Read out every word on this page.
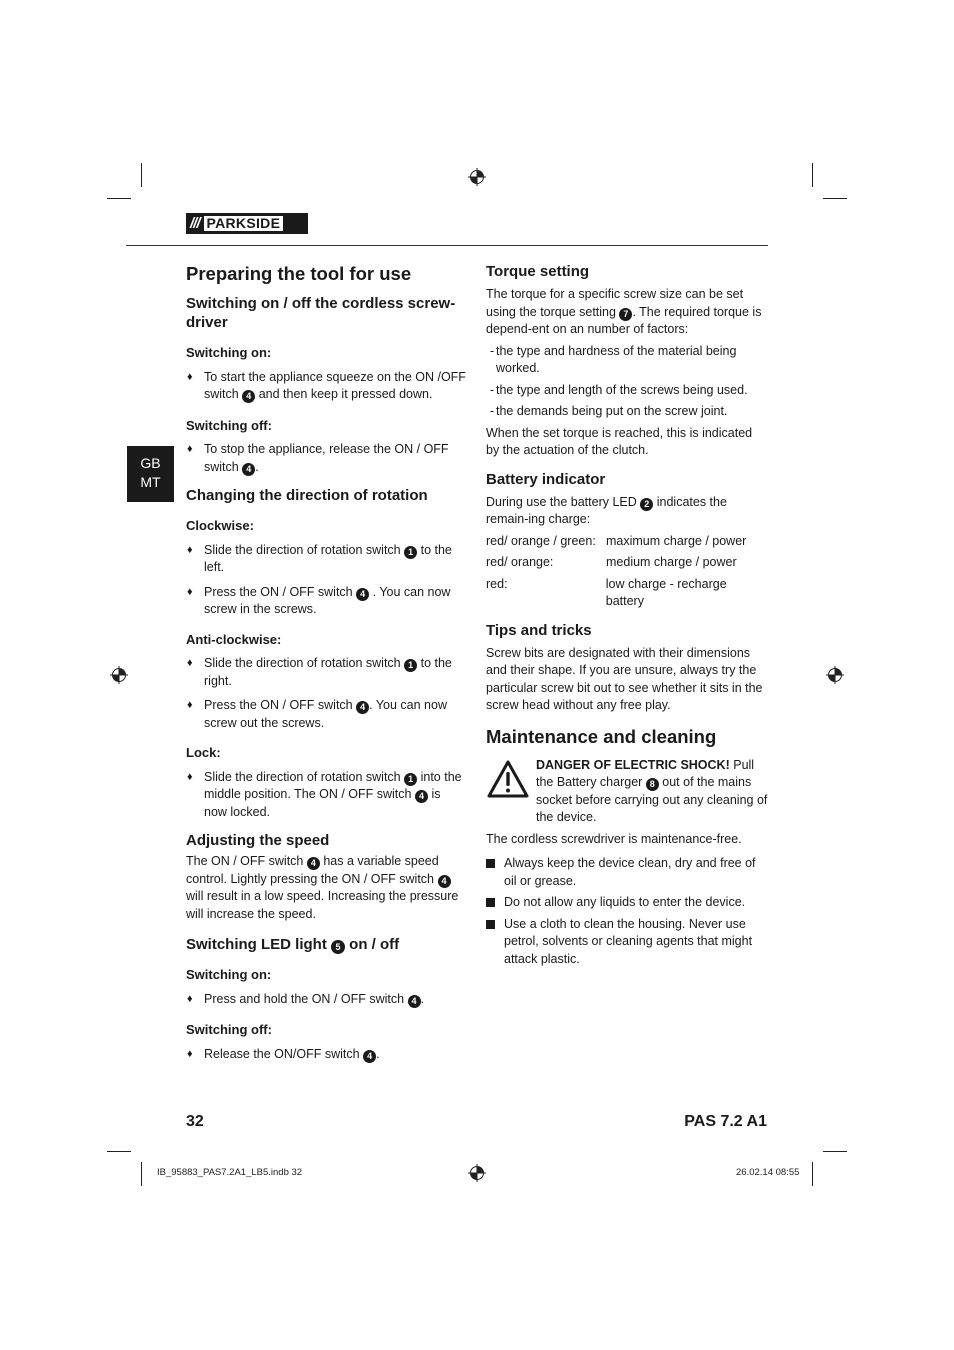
/// PARKSIDE
GB
MT
Preparing the tool for use
Switching on / off the cordless screw-driver

Switching on:

♦ To start the appliance squeeze on the ON /OFF switch 4 and then keep it pressed down.

Switching off:

♦ To stop the appliance, release the ON / OFF switch 4 .
Changing the direction of rotation

Clockwise:

♦ Slide the direction of rotation switch 1 to the left.
♦ Press the ON / OFF switch 4 . You can now screw in the screws.

Anti-clockwise:

♦ Slide the direction of rotation switch 1 to the right.
♦ Press the ON / OFF switch 4 . You can now screw out the screws.

Lock:

♦ Slide the direction of rotation switch 1 into the middle position. The ON / OFF switch 4 is now locked.
Adjusting the speed

The ON / OFF switch 4 has a variable speed control. Lightly pressing the ON / OFF switch 4 will result in a low speed. Increasing the pressure will increase the speed.

Switching LED light 5 on / off

Switching on:

♦ Press and hold the ON / OFF switch 4 .

Switching off:

♦ Release the ON/OFF switch 4 .
Torque setting

The torque for a specific screw size can be set using the torque setting 7 . The required torque is depend-ent on an number of factors:

- the type and hardness of the material being worked.
- the type and length of the screws being used.
- the demands being put on the screw joint.

When the set torque is reached, this is indicated by the actuation of the clutch.

Battery indicator

During use the battery LED 2 indicates the remain-ing charge:

red/ orange / green: maximum charge / power
red/ orange:	medium charge / power
red:	low charge - recharge battery
Tips and tricks

Screw bits are designated with their dimensions and their shape. If you are unsure, always try the particular screw bit out to see whether it sits in the screw head without any free play.

Maintenance and cleaning
DANGER OF ELECTRIC SHOCK! Pull the Battery charger 8 out of the mains socket before carrying out any cleaning of the device.

The cordless screwdriver is maintenance-free.

Always keep the device clean, dry and free of oil or grease.
Do not allow any liquids to enter the device.
Use a cloth to clean the housing. Never use petrol, solvents or cleaning agents that might attack plastic.
32	PAS 7.2 A1
IB_95883_PAS7.2A1_LB5.indb 32	26.02.14 08:55
